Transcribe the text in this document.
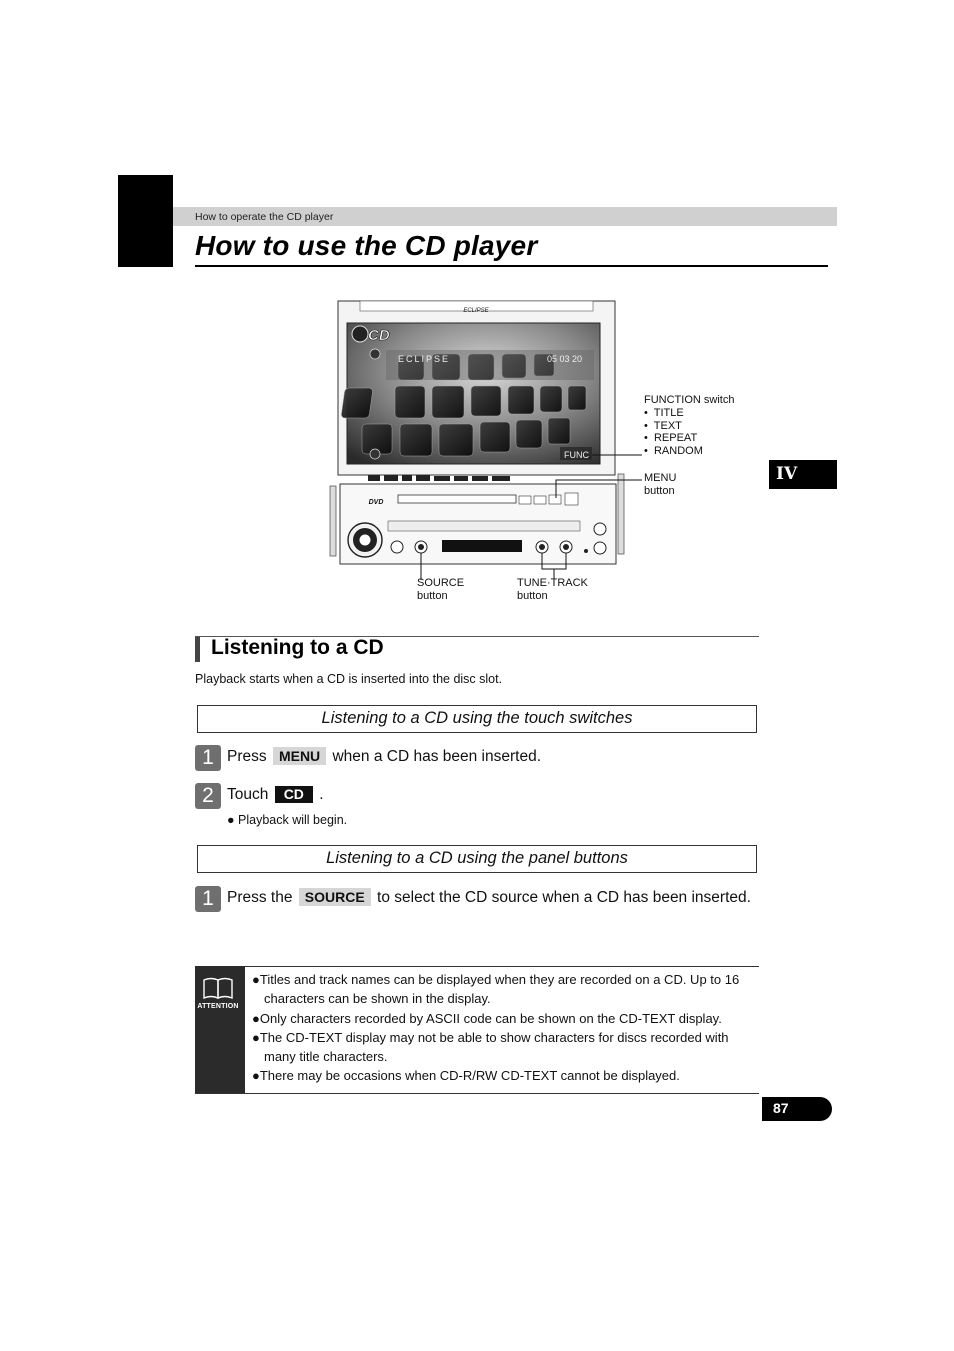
How to operate the CD player
How to use the CD player
IV
ECLIPSE
CD
ECLIPSE	05 03 20
FUNC
DVD
FUNCTION switch
•  TITLE
•  TEXT
•  REPEAT
•  RANDOM
MENU
button
SOURCE
button
TUNE·TRACK
button
Listening to a CD
Playback starts when a CD is inserted into the disc slot.
Listening to a CD using the touch switches
1 Press MENU when a CD has been inserted.
2 Touch CD .
● Playback will begin.
Listening to a CD using the panel buttons
1 Press the SOURCE to select the CD source when a CD has been inserted.
ATTENTION
●Titles and track names can be displayed when they are recorded on a CD. Up to 16 characters can be shown in the display.
●Only characters recorded by ASCII code can be shown on the CD-TEXT display.
●The CD-TEXT display may not be able to show characters for discs recorded with many title characters.
●There may be occasions when CD-R/RW CD-TEXT cannot be displayed.
87
